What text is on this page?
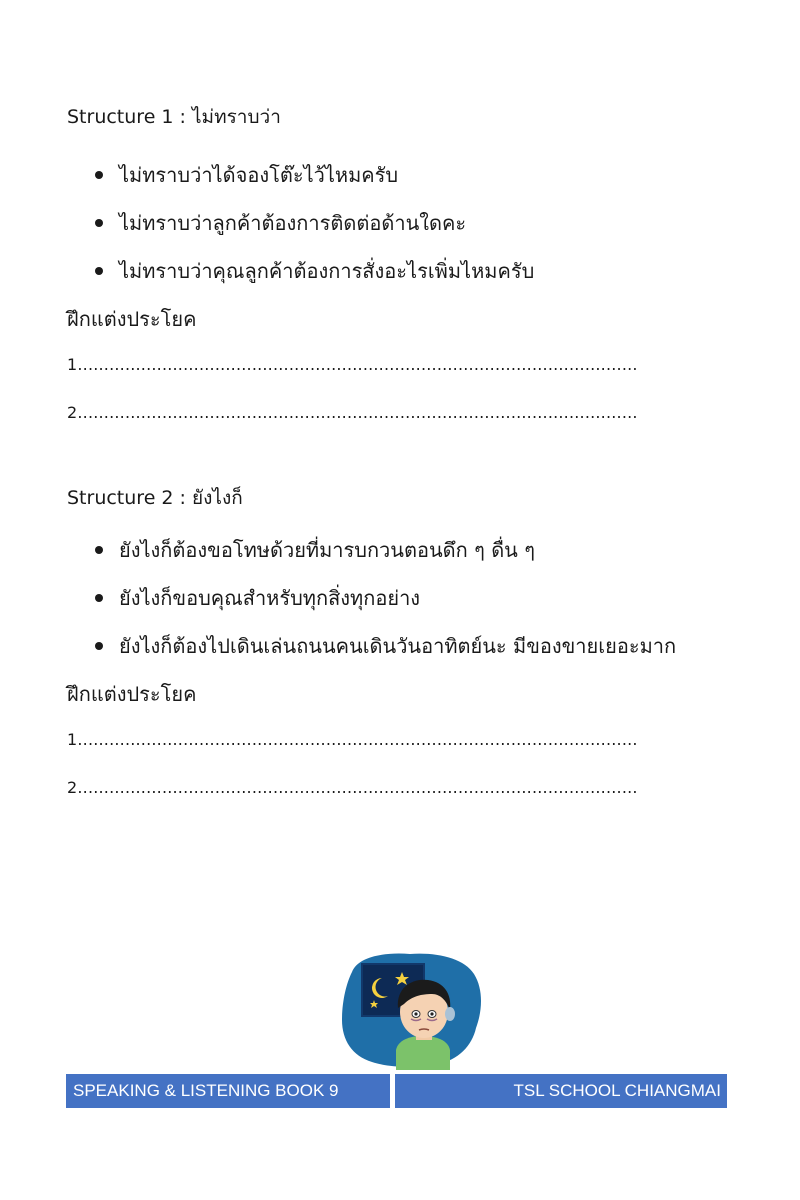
Structure 1 : ไม่ทราบว่า
ไม่ทราบว่าได้จองโต๊ะไว้ไหมครับ
ไม่ทราบว่าลูกค้าต้องการติดต่อด้านใดคะ
ไม่ทราบว่าคุณลูกค้าต้องการสั่งอะไรเพิ่มไหมครับ
ฝึกแต่งประโยค
1..........................................................................................................
2..........................................................................................................
Structure 2 : ยังไงก็
ยังไงก็ต้องขอโทษด้วยที่มารบกวนตอนดึก ๆ ดื่น ๆ
ยังไงก็ขอบคุณสำหรับทุกสิ่งทุกอย่าง
ยังไงก็ต้องไปเดินเล่นถนนคนเดินวันอาทิตย์นะ มีของขายเยอะมาก
ฝึกแต่งประโยค
1..........................................................................................................
2..........................................................................................................
SPEAKING & LISTENING BOOK 9	TSL SCHOOL CHIANGMAI
